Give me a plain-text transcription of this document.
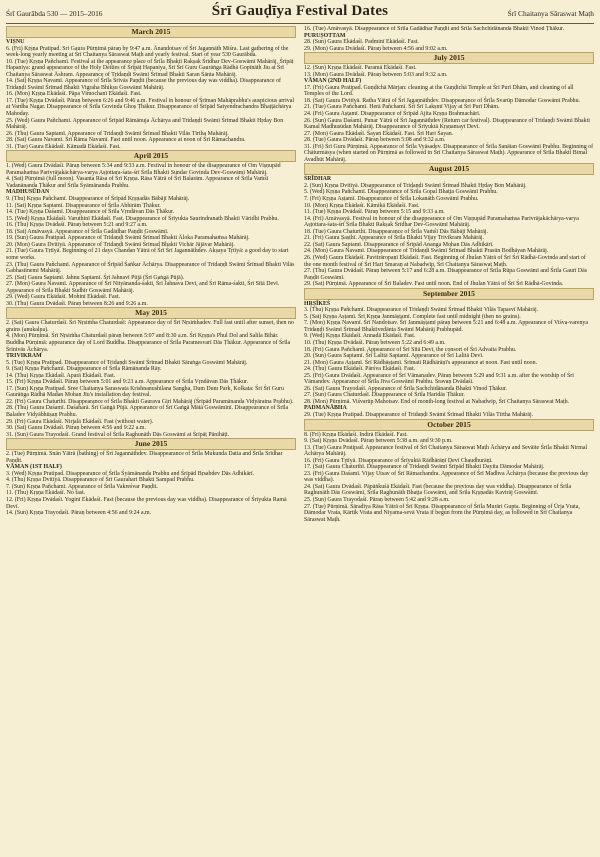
Śrī Gaurābda 530 — 2015–2016	Śrī Gauḍīya Festival Dates	Śrī Chaitanya Sāraswat Maṭh
March 2015
VIṢNU
6. (Fri) Kṛṣṇa Pratipad. Sri Gaura Pūrṇimā pāraṇ by 9:47 a.m. Ānandotsav of Śrī Jagannāth Miśra. Last gathering of the week-long yearly meeting at Śrī Chaitanya Sāraswat Maṭh and yearly festival. Start of year 530 Gaurābda.
10. (Tue) Kṛṣṇa Pañchamī. Festival at the appearance place of Śrīla Bhakti Rakṣak Śrīdhar Dev-Goswāmī Mahārāj, Śrīpāṭ Hapaniya: grand appearance of the Holy Deities of Śrīpāṭ Hapaniya, Śrī Śrī Guru Gaurāṅga Rādhā Gopīnāth Jiu at Śrī Chaitanya Sāraswat Āshram. Appearance of Tridaṇḍi Swāmī Śrīmad Bhakti Saran Śānta Mahārāj.
14. (Sat) Kṛṣṇa Navamī. Appearance of Śrīla Śrīvās Paṇḍit (because the previous day was viddha). Disappearance of Tridaṇḍi Swāmī Śrīmad Bhakti Vigraha Bhikṣu Goswāmī Mahārāj.
16. (Mon) Kṛṣṇa Ekādaśī. Pāpa Vimochanī Ekādaśī. Fast.
17. (Tue) Kṛṣṇa Dvādaśī. Pāraṇ between 6:26 and 9:46 a.m. Festival in honour of Śrīman Mahāprabhu's auspicious arrival at Vardha Nagar. Disappearance of Śrīla Govinda Ghoṣ Ṭhākur. Disappearance of Śrīpād Satyendrachandra Bhaṭṭāchārya Mahoday.
25. (Wed) Gaura Pañchamī. Appearance of Śrīpād Rāmānuja Āchārya and Tridaṇḍi Swāmī Śrīmad Bhakti Hṛday Bon Mahārāj.
26. (Thu) Gaura Saptamī. Appearance of Tridaṇḍi Swāmī Śrīmad Bhakti Vilās Tīrtha Mahārāj.
28. (Sat) Gaura Navamī. Śrī Rāma Navamī. Fast until noon. Appearance at noon of Śrī Rāmachandra.
31. (Tue) Gaura Ekādaśī. Kāmadā Ekādaśī. Fast.
April 2015
1. (Wed) Gaura Dvādaśī. Pāraṇ between 5:34 and 9:33 a.m. Festival in honour of the disappearance of Om Viṣṇupād Paramahaṁsa Parivrājakāchārya-varya Aṣṭottara-śata-śrī Śrīla Bhakti Sundar Govinda Dev-Goswāmī Mahārāj.
4. (Sat) Pūrṇimā (full moon). Vasanta Rāsa of Śrī Kṛṣṇa. Rāsa Yātrā of Śrī Balarām. Appearance of Śrīla Vaṁśī Vadanānanda Ṭhākur and Śrīla Śyāmānanda Prabhu.
MADHUSŪDAN
9. (Thu) Kṛṣṇa Pañchamī. Disappearance of Śrīpād Kṛṣṇadās Bābājī Mahārāj.
11. (Sat) Kṛṣṇa Saptamī. Disappearance of Śrīla Abhirām Ṭhākur.
14. (Tue) Kṛṣṇa Daśamī. Disappearance of Śrīla Vṛndāvan Dās Ṭhākur.
15. (Wed) Kṛṣṇa Ekādaśī. Varuthinī Ekādaśī. Fast. Disappearance of Śrīyukta Saurindranath Bhakti Vāridhi Prabhu.
16. (Thu) Kṛṣṇa Dvādaśī. Pāraṇ between 5:21 and 9:27 a.m.
18. (Sat) Amāvasyā. Appearance of Śrīla Gadādhar Paṇḍit Goswāmī.
19. (Sun) Gaura Pratipad. Appearance of Tridaṇḍi Swāmī Śrīmad Bhakti Āloka Paramahaṁsa Mahārāj.
20. (Mon) Gaura Dvitīyā. Appearance of Tridaṇḍi Swāmī Śrīmad Bhakti Vichār Jājāvar Mahārāj.
21. (Tue) Gaura Tṛtīyā. Beginning of 21 days Chandan Yātrā of Śrī Śrī Jagannāthdev. Akṣaya Tṛtīyā: a good day to start some works.
23. (Thu) Gaura Pañchamī. Appearance of Śrīpād Śaṅkar Āchārya. Disappearance of Tridaṇḍi Swāmī Śrīmad Bhakti Vilās Gabhastinemi Mahārāj.
25. (Sat) Gaura Saptamī. Jahnu Saptamī. Śrī Jahnavī Pūjā (Śrī Gaṅgā Pūjā).
27. (Mon) Gaura Navamī. Appearance of Śrī Nityānanda-śakti, Śrī Jahnava Devī, and Śrī Rāma-śakti, Śrī Sītā Devī. Appearance of Śrīla Bhakti Sudhīr Goswāmī Mahārāj.
29. (Wed) Gaura Ekādaśī. Mohinī Ekādaśī. Fast.
30. (Thu) Gaura Dvādaśī. Pāraṇ between 8:26 and 9:26 a.m.
May 2015
2. (Sat) Gaura Chaturdaśī. Śrī Nṛsiṁha Chaturdaśī: Appearance day of Śrī Nṛsiṁhadev. Full fast until after sunset, then no grains (anukalpa).
4. (Mon) Pūrṇimā. Śrī Nṛsiṁha Chaturdaśī pāraṇ between 5:07 and 8:30 a.m. Śrī Kṛṣṇa's Phul Dol and Salila Bihār. Buddha Pūrṇimā: appearance day of Lord Buddha. Disappearance of Śrīla Paramesvarī Dās Ṭhākur. Appearance of Śrīla Śrīnivās Āchārya.
TRIVIKRAM
5. (Tue) Kṛṣṇa Pratipad. Disappearance of Tridaṇḍi Swāmī Śrīmad Bhakti Sāraṅga Goswāmī Mahārāj.
9. (Sat) Kṛṣṇa Pañchamī. Disappearance of Śrīla Rāmānanda Rāy.
14. (Thu) Kṛṣṇa Ekādaśī. Aparā Ekādaśī. Fast.
15. (Fri) Kṛṣṇa Dvādaśī. Pāraṇ between 5:01 and 9:23 a.m. Appearance of Śrīla Vṛndāvan Dās Ṭhākur.
17. (Sun) Kṛṣṇa Pratipad. Sree Chaitanya Saraswata Krishnanushilana Sangha, Dum Dum Park, Kolkata: Śrī Śrī Guru Gaurāṅga Rādhā Madan Mohan Jīu's installation day festival.
22. (Fri) Gaura Chaturthī. Disappearance of Śrīla Bhakti Gaurava Giri Mahārāj (Śrīpād Paramānanda Vidyāratna Prabhu).
28. (Thu) Gaura Daśamī. Daśaharā. Śrī Gaṅgā Pūjā. Appearance of Śrī Gaṅgā Mātā Goswāminī. Disappearance of Śrīla Baladev Vidyābhūṣaṇ Prabhu.
29. (Fri) Gaura Ekādaśī. Nirjalā Ekādaśī. Fast (without water).
30. (Sat) Gaura Dvādaśī. Pāraṇ between 4:56 and 9:22 a.m.
31. (Sun) Gaura Trayodaśī. Grand festival of Śrīla Raghunāth Dās Goswāmī at Śrīpāṭ Pānihāṭi.
June 2015
2. (Tue) Pūrṇimā. Snān Yātrā (bathing) of Śrī Jagannāthdev. Disappearance of Śrīla Mukunda Datta and Śrīla Śrīdhar Paṇḍit.
VĀMAN (1ST HALF)
3. (Wed) Kṛṣṇa Pratipad. Disappearance of Śrīla Śyāmānanda Prabhu and Śrīpād Bṛsabdev Dās Adhikārī.
4. (Thu) Kṛṣṇa Dvitīyā. Disappearance of Śrī Gaurahari Bhakti Sampad Prabhu.
7. (Sun) Kṛṣṇa Pañchamī. Appearance of Śrīla Vakreśvar Paṇḍit.
11. (Thu) Kṛṣṇa Ekādaśī. No fast.
12. (Fri) Kṛṣṇa Dvādaśī. Yoginī Ekādaśī. Fast (because the previous day was viddha). Disappearance of Śrīyukta Ramā Devī.
14. (Sun) Kṛṣṇa Trayodaśī. Pāraṇ between 4:56 and 9:24 a.m.
16. (Tue) Amāvasyā. Disappearance of Śrīla Gadādhar Paṇḍit and Śrīla Sachchidānanda Bhakti Vinod Ṭhākur.
PURUṢOTTAM
28. (Sun) Gaura Ekādaśī. Padminī Ekādaśī. Fast.
29. (Mon) Gaura Dvādaśī. Pāraṇ between 4:56 and 9:02 a.m.
July 2015
12. (Sun) Kṛṣṇa Ekādaśī. Paramā Ekādaśī. Fast.
13. (Mon) Gaura Dvādaśī. Pāraṇ between 5:03 and 9:32 a.m.
VĀMAN (2ND HALF)
17. (Fri) Gaura Pratipad. Guṇḍichā Mārjan: cleaning at the Guṇḍichā Temple at Śrī Purī Dhām, and cleaning of all Temples of the Lord.
18. (Sat) Gaura Dvitīyā. Ratha Yātrā of Śrī Jagannāthdev. Disappearance of Śrīla Svarūp Dāmodar Goswāmī Prabhu.
21. (Tue) Gaura Pañchamī. Herā Pañchamī. Śrī Śrī Lakṣmī Vijay at Śrī Purī Dhām.
24. (Fri) Gaura Aṣṭamī. Disappearance of Śrīpād Ajita Kṛṣṇa Brahmachārī.
26. (Sun) Gaura Daśamī. Punar Yātrā of Śrī Jagannāthdev (Return car festival). Disappearance of Tridaṇḍi Swāmī Bhakti Kamal Madhusūdan Mahārāj. Disappearance of Śrīyuktā Kṛṣṇamayī Devī.
27. (Mon) Gaura Ekādaśī. Śayan Ekādaśī. Fast. Śrī Hari Śayan.
28. (Tue) Gaura Dvādaśī. Pāraṇ between 5:08 and 9:32 a.m.
31. (Fri) Śrī Guru Pūrṇimā. Appearance of Śrīla Vyāsadev. Disappearance of Śrīla Sanātan Goswāmī Prabhu. Beginning of Chāturmāsya (when started on Pūrṇimā as followed in Śrī Chaitanya Sāraswat Maṭh). Appearance of Śrīla Bhakti Bimal Avadhūt Mahārāj.
August 2015
ŚRĪDHAR
2. (Sun) Kṛṣṇa Dvitīyā. Disappearance of Tridaṇḍi Swāmī Śrīmad Bhakti Hṛday Bon Mahārāj.
5. (Wed) Kṛṣṇa Pañchamī. Disappearance of Śrīla Gopal Bhaṭṭa Goswāmī Prabhu.
7. (Fri) Kṛṣṇa Aṣṭamī. Disappearance of Śrīla Lokanāth Goswāmī Prabhu.
10. (Mon) Kṛṣṇa Ekādaśī. Kāmikā Ekādaśī. Fast.
11. (Tue) Kṛṣṇa Dvādaśī. Pāraṇ between 5:15 and 9:33 a.m.
14. (Fri) Amāvasyā. Festival in honour of the disappearance of Om Viṣṇupād Paramahaṁsa Parivrājakāchārya-varya Aṣṭottara-śata-śrī Śrīla Bhakti Rakṣak Śrīdhar Dev-Goswāmī Mahārāj.
18. (Tue) Gaura Chaturthī. Disappearance of Śrīla Vaṁśī Dās Bābājī Mahārāj.
21. (Fri) Gaura Ṣaṣṭhī. Appearance of Śrīla Bhakti Vijay Trivikram Mahārāj.
22. (Sat) Gaura Saptamī. Disappearance of Śrīpād Ananga Mohan Dās Adhikārī.
24. (Mon) Gaura Navamī. Disappearance of Tridaṇḍi Swāmī Śrīmad Bhakti Prasūn Bodhāyan Mahārāj.
26. (Wed) Gaura Ekādaśī. Pavitrāropaṇī Ekādaśī. Fast. Beginning of Jhulan Yātrā of Śrī Śrī Rādhā-Govinda and start of the one month festival of Śrī Hari Smaraṇ at Nabadwīp, Śrī Chaitanya Sāraswat Maṭh.
27. (Thu) Gaura Dvādaśī. Pāraṇ between 5:17 and 6:28 a.m. Disappearance of Śrīla Rūpa Goswāmī and Śrīla Gaurī Dās Paṇḍit Goswāmī.
29. (Sat) Pūrṇimā. Appearance of Śrī Baladev. Fast until noon. End of Jhulan Yātrā of Śrī Śrī Rādhā-Govinda.
September 2015
HṚṢĪKEŚ
3. (Thu) Kṛṣṇa Pañchamī. Disappearance of Tridaṇḍi Swāmī Śrīmad Bhakti Vilās Tapasvī Mahārāj.
5. (Sat) Kṛṣṇa Aṣṭamī. Śrī Kṛṣṇa Janmāṣṭamī. Complete fast until midnight (then no grains).
7. (Mon) Kṛṣṇa Navamī. Śrī Nandotsav. Śrī Janmāṣṭamī pāraṇ between 5:21 and 6:48 a.m. Appearance of Viśva-varenya Tridaṇḍi Swāmī Śrīmad Bhaktivedānta Swāmī Mahārāj Prabhupād.
9. (Wed) Kṛṣṇa Ekādaśī. Annadā Ekādaśī. Fast.
10. (Thu) Kṛṣṇa Dvādaśī. Pāraṇ between 5:22 and 6:49 a.m.
18. (Fri) Gaura Pañchamī. Appearance of Śrī Sītā Devī, the consort of Śrī Advaita Prabhu.
20. (Sun) Gaura Saptamī. Śrī Lalitā Saptamī. Appearance of Śrī Lalitā Devī.
21. (Mon) Gaura Aṣṭamī. Śrī Rādhāṣṭamī. Śrīmatī Rādhārāṇī's appearance at noon. Fast until noon.
24. (Thu) Gaura Ekādaśī. Pārśva Ekādaśī. Fast.
25. (Fri) Gaura Dvādaśī. Appearance of Śrī Vāmanadev. Pāraṇ between 5:29 and 9:31 a.m. after the worship of Śrī Vāmandev. Appearance of Śrīla Jīva Goswāmī Prabhu. Śravaṇ Dvādaśī.
26. (Sat) Gaura Trayodaśī. Appearance of Śrīla Sachchidānanda Bhakti Vinod Ṭhākur.
27. (Sun) Gaura Chaturdaśī. Disappearance of Śrīla Haridās Ṭhākur.
28. (Mon) Pūrṇimā. Viśvarūp Mahotsav. End of month-long festival at Nabadwīp, Śrī Chaitanya Sāraswat Maṭh.
PADMANĀBHA
29. (Tue) Kṛṣṇa Pratipad. Disappearance of Tridaṇḍi Swāmī Śrīmad Bhakti Vilās Tīrtha Mahārāj.
October 2015
8. (Fri) Kṛṣṇa Ekādaśī. Indirā Ekādaśī. Fast.
9. (Sat) Kṛṣṇa Dvādaśī. Pāraṇ between 5:38 a.m. and 9:30 p.m.
13. (Tue) Gaura Pratipad. Appearance festival of Śrī Chaitanya Sāraswat Maṭh Āchārya and Sevāite Śrīla Bhakti Nirmal Āchārya Mahārāj.
16. (Fri) Gaura Tṛtīyā. Disappearance of Śrīyuktā Rādhārāṇī Devī Chaudhurāṇī.
17. (Sat) Gaura Chaturthī. Disappearance of Tridaṇḍi Swāmī Śrīpād Bhakti Dayita Dāmodar Mahārāj.
23. (Fri) Gaura Daśamī. Vijay Utsav of Śrī Rāmachandra. Appearance of Śrī Madhva Āchārya (because the previous day was viddha).
24. (Sat) Gaura Dvādaśī. Pāpāṅkuśā Ekādaśī. Fast (because the previous day was viddha). Disappearance of Śrīla Raghunāth Dās Goswāmī, Śrīla Raghunāth Bhaṭṭa Goswāmī, and Śrīla Kṛṣṇadās Kavirāj Goswāmī.
25. (Sun) Gaura Trayodaśī. Pāraṇ between 5:42 and 9:28 a.m.
27. (Tue) Pūrṇimā. Śāradīya Rāsa Yātrā of Śrī Kṛṣṇa. Disappearance of Śrīla Murāri Gupta. Beginning of Ūrja Vrata, Dāmodar Vrata, Kārtik Vrata and Niyama-sevā Vrata if begun from the Pūrṇimā day, as followed in Śrī Chaitanya Sāraswat Maṭh.
